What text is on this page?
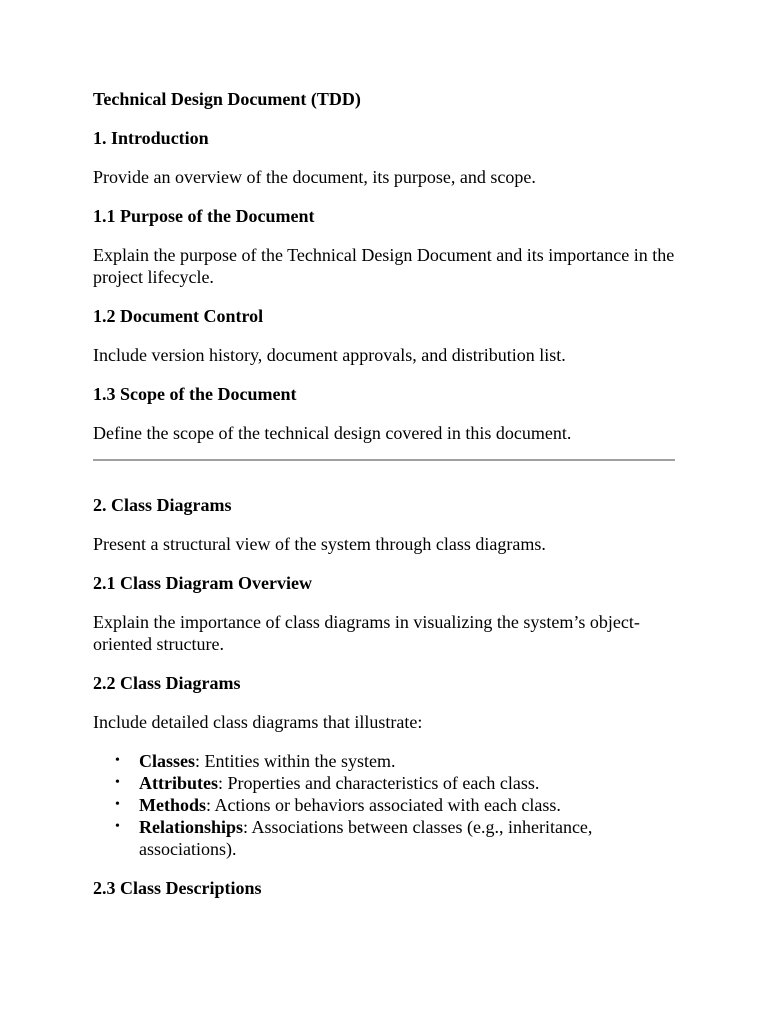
Technical Design Document (TDD)

1. Introduction

Provide an overview of the document, its purpose, and scope.

1.1 Purpose of the Document

Explain the purpose of the Technical Design Document and its importance in the project lifecycle.

1.2 Document Control

Include version history, document approvals, and distribution list.

1.3 Scope of the Document

Define the scope of the technical design covered in this document.

2. Class Diagrams

Present a structural view of the system through class diagrams.

2.1 Class Diagram Overview

Explain the importance of class diagrams in visualizing the system’s object-oriented structure.

2.2 Class Diagrams

Include detailed class diagrams that illustrate:

• Classes: Entities within the system.
• Attributes: Properties and characteristics of each class.
• Methods: Actions or behaviors associated with each class.
• Relationships: Associations between classes (e.g., inheritance, associations).

2.3 Class Descriptions
